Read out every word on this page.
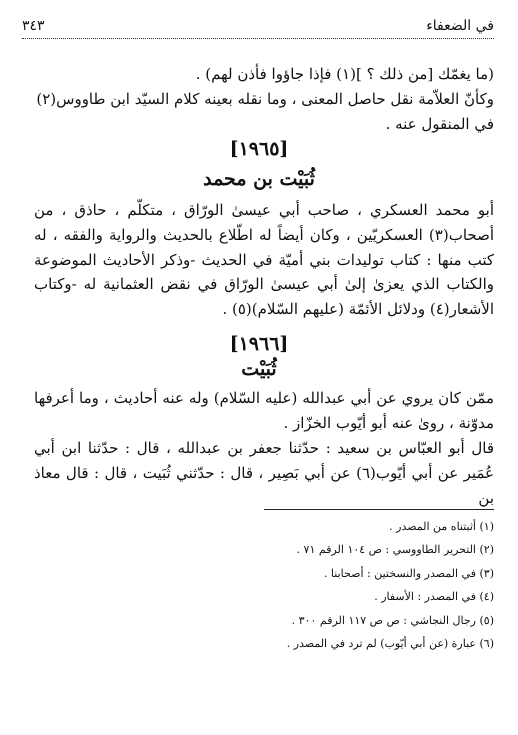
في الضعفاء
٣٤٣
(ما يغمّك [من ذلك ؟ ](١) فإذا جاؤوا فأذن لهم) .
وكأنّ العلاّمة نقل حاصل المعنى ، وما نقله بعينه كلام السيّد ابن طاووس(٢)
في المنقول عنه .
[١٩٦٥]
ثُبَيْت بن محمد
أبو محمد العسكري ، صاحب أبي عيسىٰ الورّاق ، متكلّم ، حاذق ، من أصحاب(٣) العسكريّين ، وكان أيضاً له اطّلاع بالحديث والرواية والفقه ، له كتب منها : كتاب توليدات بني أميّة في الحديث -وذكر الأحاديث الموضوعة والكتاب الذي يعزىٰ إلىٰ أبي عيسىٰ الورّاق في نقض العثمانية له -وكتاب الأشعار(٤) ودلائل الأئمّة (عليهم السّلام)(٥) .
[١٩٦٦]
ثُبَيْت
ممّن كان يروي عن أبي عبدالله (عليه السّلام) وله عنه أحاديث ، وما أعرفها مدوّنة ، روىٰ عنه أبو أيّوب الخزّاز .
قال أبو العبّاس بن سعيد : حدّثنا جعفر بن عبدالله ، قال : حدّثنا ابن أبي عُمَير عن أبي أيّوب(٦) عن أبي بَصِير ، قال : حدّثني ثُبَيت ، قال : قال معاذ بن
(١) أثبتناه من المصدر .
(٢) التحرير الطاووسي : ص ١٠٤ الرقم ٧١ .
(٣) في المصدر والنسختين : أصحابنا .
(٤) في المصدر : الأسفار .
(٥) رجال النجاشي : ص ص ١١٧ الرقم ٣٠٠ .
(٦) عبارة (عن أبي أيّوب) لم ترد في المصدر .
